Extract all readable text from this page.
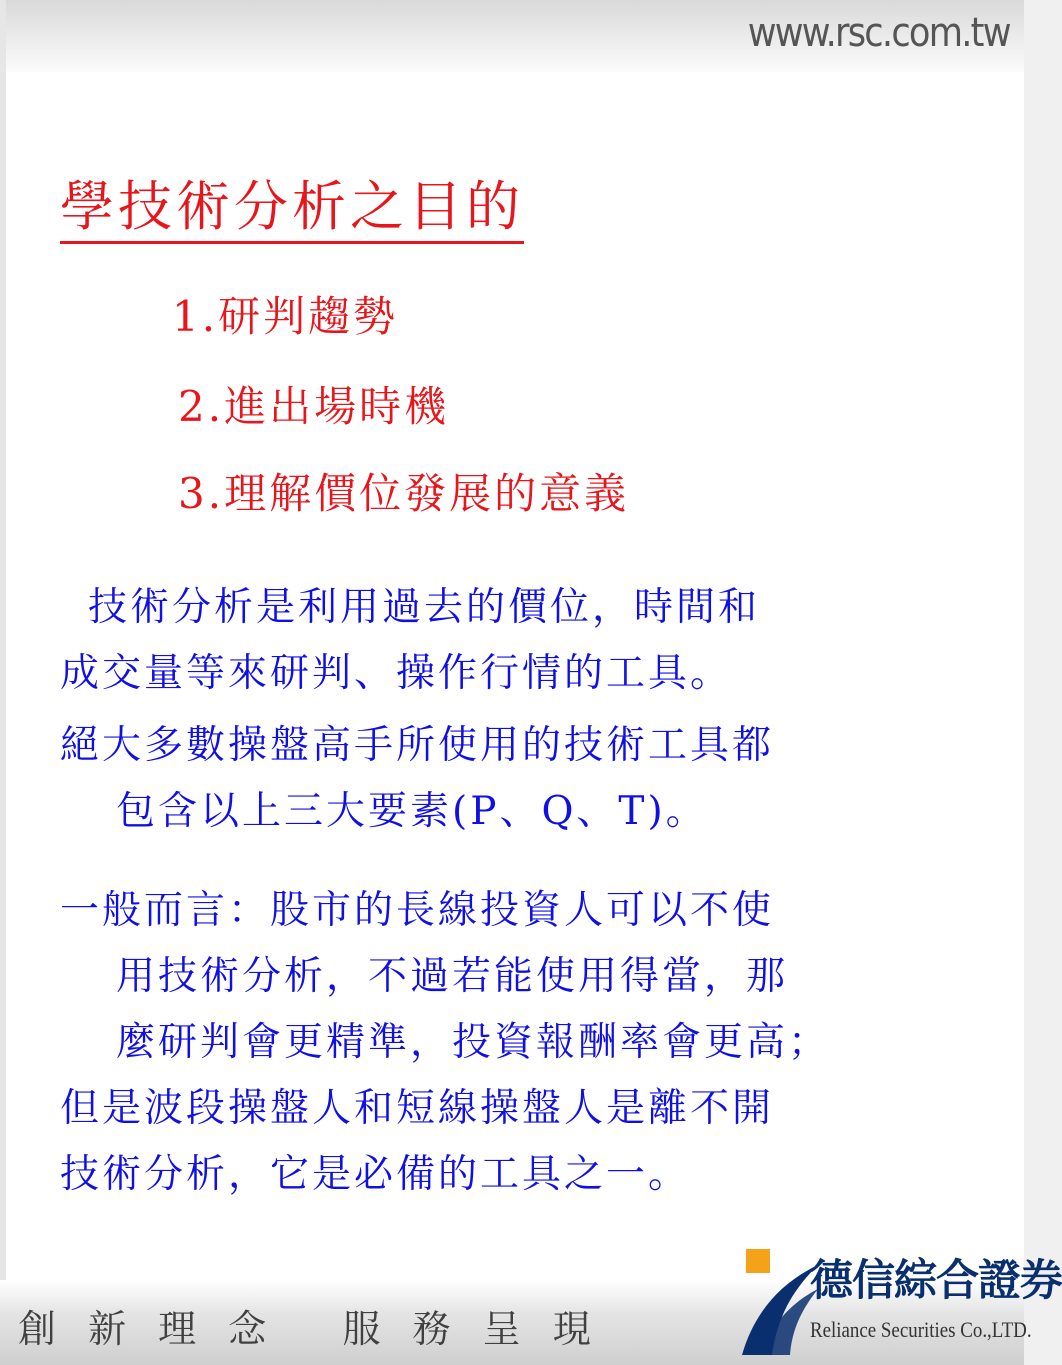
www.rsc.com.tw
學技術分析之目的
1.研判趨勢
2.進出場時機
3.理解價位發展的意義
技術分析是利用過去的價位，時間和
成交量等來研判、操作行情的工具。
絕大多數操盤高手所使用的技術工具都
包含以上三大要素(P、Q、T)。
一般而言：股市的長線投資人可以不使
用技術分析，不過若能使用得當，那
麼研判會更精準，投資報酬率會更高；
但是波段操盤人和短線操盤人是離不開
技術分析，它是必備的工具之一。
創 新 理 念   服 務 呈 現
德信綜合證券
Reliance Securities Co.,LTD.
